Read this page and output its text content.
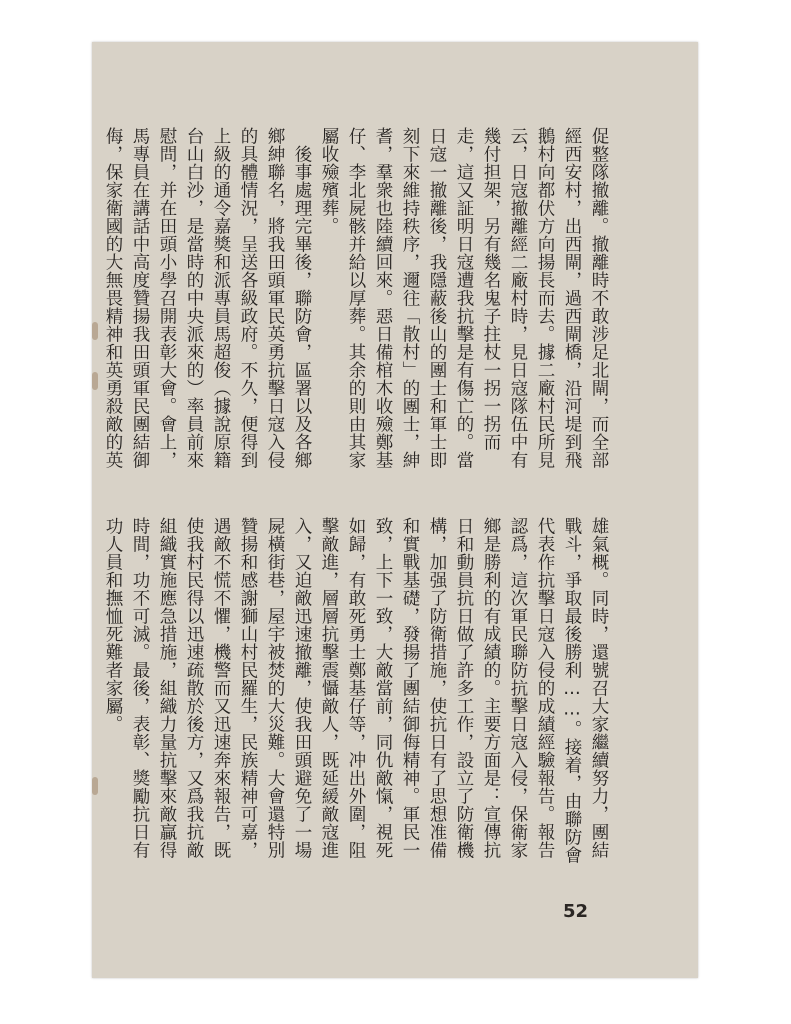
促整隊撤離。撤離時不敢涉足北閘，而全部
經西安村，出西閘，過西閘橋，沿河堤到飛
鵝村向都伏方向揚長而去。據二廠村民所見
云，日寇撤離經二廠村時，見日寇隊伍中有
幾付担架，另有幾名鬼子拄杖一拐一拐而
走，這又証明日寇遭我抗擊是有傷亡的。當
日寇一撤離後，我隱蔽後山的團士和軍士即
刻下來維持秩序，邇往「散村」的團士，紳
耆，羣衆也陸續回來。惡日備棺木收殮鄭基
仔、李北屍骸并給以厚葬。其余的則由其家
屬收殮殯葬。
　後事處理完畢後，聯防會，區署以及各鄉
鄉紳聯名，將我田頭軍民英勇抗擊日寇入侵
的具體情況，呈送各級政府。不久，便得到
上級的通令嘉獎和派專員馬超俊（據說原籍
台山白沙，是當時的中央派來的）率員前來
慰問，并在田頭小學召開表彰大會。會上，
馬專員在講話中高度贊揚我田頭軍民團結御
侮，保家衛國的大無畏精神和英勇殺敵的英
雄氣概。同時，還號召大家繼續努力，團結
戰斗，爭取最後勝利……。接着，由聯防會
代表作抗擊日寇入侵的成績經驗報告。報告
認爲，這次軍民聯防抗擊日寇入侵，保衛家
鄉是勝利的有成績的。主要方面是：宣傳抗
日和動員抗日做了許多工作，設立了防衛機
構，加强了防衛措施，使抗日有了思想准備
和實戰基礎，發揚了團結御侮精神。軍民一
致，上下一致，大敵當前，同仇敵愾，視死
如歸，有敢死勇士鄭基仔等，冲出外圍，阻
擊敵進，層層抗擊震懾敵人，既延緩敵寇進
入，又迫敵迅速撤離，使我田頭避免了一場
屍橫街巷，屋宇被焚的大災難。大會還特別
贊揚和感謝獅山村民羅生，民族精神可嘉，
遇敵不慌不懼，機警而又迅速奔來報告，既
使我村民得以迅速疏散於後方，又爲我抗敵
組織實施應急措施，組織力量抗擊來敵贏得
時間，功不可滅。最後，表彰、獎勵抗日有
功人員和撫恤死難者家屬。
52
